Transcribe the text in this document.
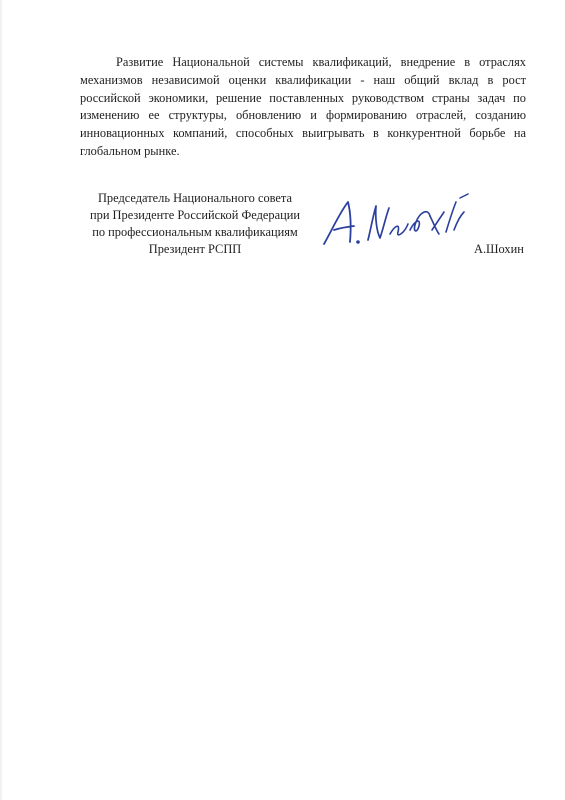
Развитие Национальной системы квалификаций, внедрение в отраслях механизмов независимой оценки квалификации - наш общий вклад в рост российской экономики, решение поставленных руководством страны задач по изменению ее структуры, обновлению и формированию отраслей, созданию инновационных компаний, способных выигрывать в конкурентной борьбе на глобальном рынке.

Председатель Национального совета
при Президенте Российской Федерации
по профессиональным квалификациям
Президент РСПП	А.Шохин
